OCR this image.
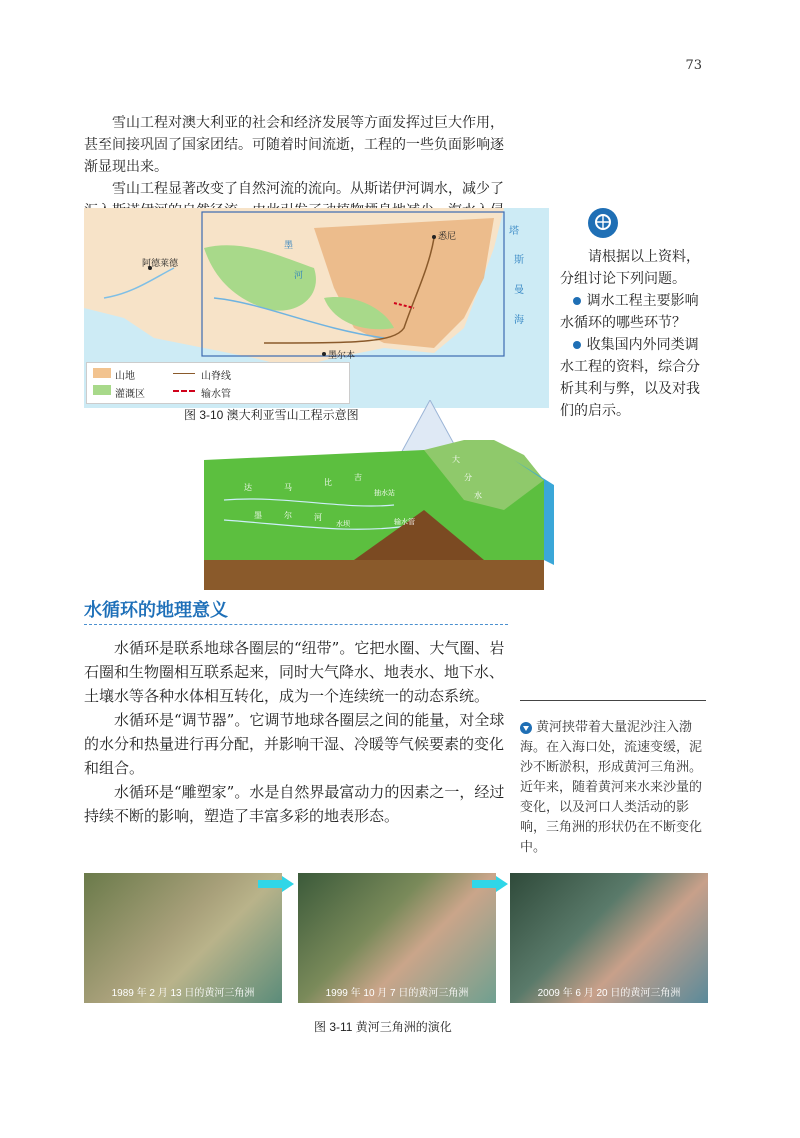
73

雪山工程对澳大利亚的社会和经济发展等方面发挥过巨大作用，甚至间接巩固了国家团结。可随着时间流逝，工程的一些负面影响逐渐显现出来。

雪山工程显著改变了自然河流的流向。从斯诺伊河调水，减少了

阿德莱德
悉尼
墨尔本
塔
斯
曼
海
墨
河
山地	山脊线
灌溉区	输水管
图 3-10 澳大利亚雪山工程示意图

请根据以上资料，分组讨论下列问题。

调水工程主要影响水循环的哪些环节？

收集国内外同类调水工程的资料，综合分析其利与弊，以及对我们的启示。

达	马
比
吉
墨	尔	河
水坝
抽水站
输水管
大
分
水
水循环的地理意义

水循环是联系地球各圈层的“纽带”。它把水圈、大气圈、岩石圈和生物圈相互联系起来，同时大气降水、地表水、地下水、土壤水等各种水体相互转化，成为一个连续统一的动态系统。

水循环是“调节器”。它调节地球各圈层之间的能量，对全球的水分和热量进行再分配，并影响干湿、冷暖等气候要素的变化和组合。

水循环是“雕塑家”。水是自然界最富动力的因素之一，经过持续不断的影响，塑造了丰富多彩的地表形态。

黄河挟带着大量泥沙注入渤海。在入海口处，流速变缓，泥沙不断淤积，形成黄河三角洲。近年来，随着黄河来水来沙量的变化，以及河口人类活动的影响，三角洲的形状仍在不断变化中。
1989 年 2 月 13 日的黄河三角洲	1999 年 10 月 7 日的黄河三角洲	2009 年 6 月 20 日的黄河三角洲
图 3-11 黄河三角洲的演化
